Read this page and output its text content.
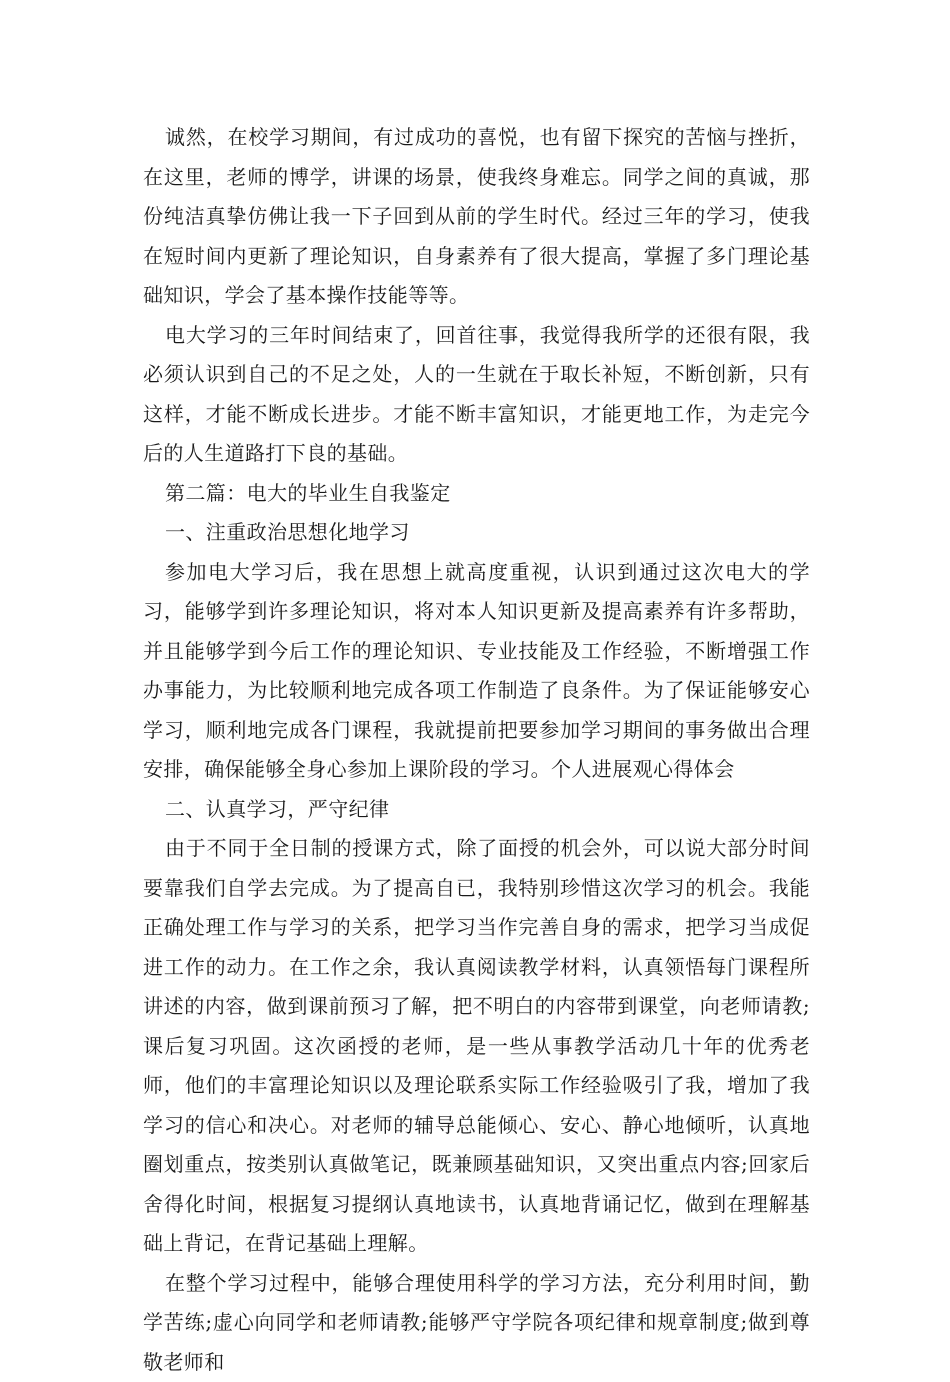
诚然，在校学习期间，有过成功的喜悦，也有留下探究的苦恼与挫折，在这里，老师的博学，讲课的场景，使我终身难忘。同学之间的真诚，那份纯洁真挚仿佛让我一下子回到从前的学生时代。经过三年的学习，使我在短时间内更新了理论知识，自身素养有了很大提高，掌握了多门理论基础知识，学会了基本操作技能等等。

电大学习的三年时间结束了，回首往事，我觉得我所学的还很有限，我必须认识到自己的不足之处，人的一生就在于取长补短，不断创新，只有这样，才能不断成长进步。才能不断丰富知识，才能更地工作，为走完今后的人生道路打下良的基础。

第二篇：电大的毕业生自我鉴定

一、注重政治思想化地学习

参加电大学习后，我在思想上就高度重视，认识到通过这次电大的学习，能够学到许多理论知识，将对本人知识更新及提高素养有许多帮助，并且能够学到今后工作的理论知识、专业技能及工作经验，不断增强工作办事能力，为比较顺利地完成各项工作制造了良条件。为了保证能够安心学习，顺利地完成各门课程，我就提前把要参加学习期间的事务做出合理安排，确保能够全身心参加上课阶段的学习。个人进展观心得体会

二、认真学习，严守纪律

由于不同于全日制的授课方式，除了面授的机会外，可以说大部分时间要靠我们自学去完成。为了提高自已，我特别珍惜这次学习的机会。我能正确处理工作与学习的关系，把学习当作完善自身的需求，把学习当成促进工作的动力。在工作之余，我认真阅读教学材料，认真领悟每门课程所讲述的内容，做到课前预习了解，把不明白的内容带到课堂，向老师请教;课后复习巩固。这次函授的老师，是一些从事教学活动几十年的优秀老师，他们的丰富理论知识以及理论联系实际工作经验吸引了我，增加了我学习的信心和决心。对老师的辅导总能倾心、安心、静心地倾听，认真地圈划重点，按类别认真做笔记，既兼顾基础知识，又突出重点内容;回家后舍得化时间，根据复习提纲认真地读书，认真地背诵记忆，做到在理解基础上背记，在背记基础上理解。

在整个学习过程中，能够合理使用科学的学习方法，充分利用时间，勤学苦练;虚心向同学和老师请教;能够严守学院各项纪律和规章制度;做到尊敬老师和
